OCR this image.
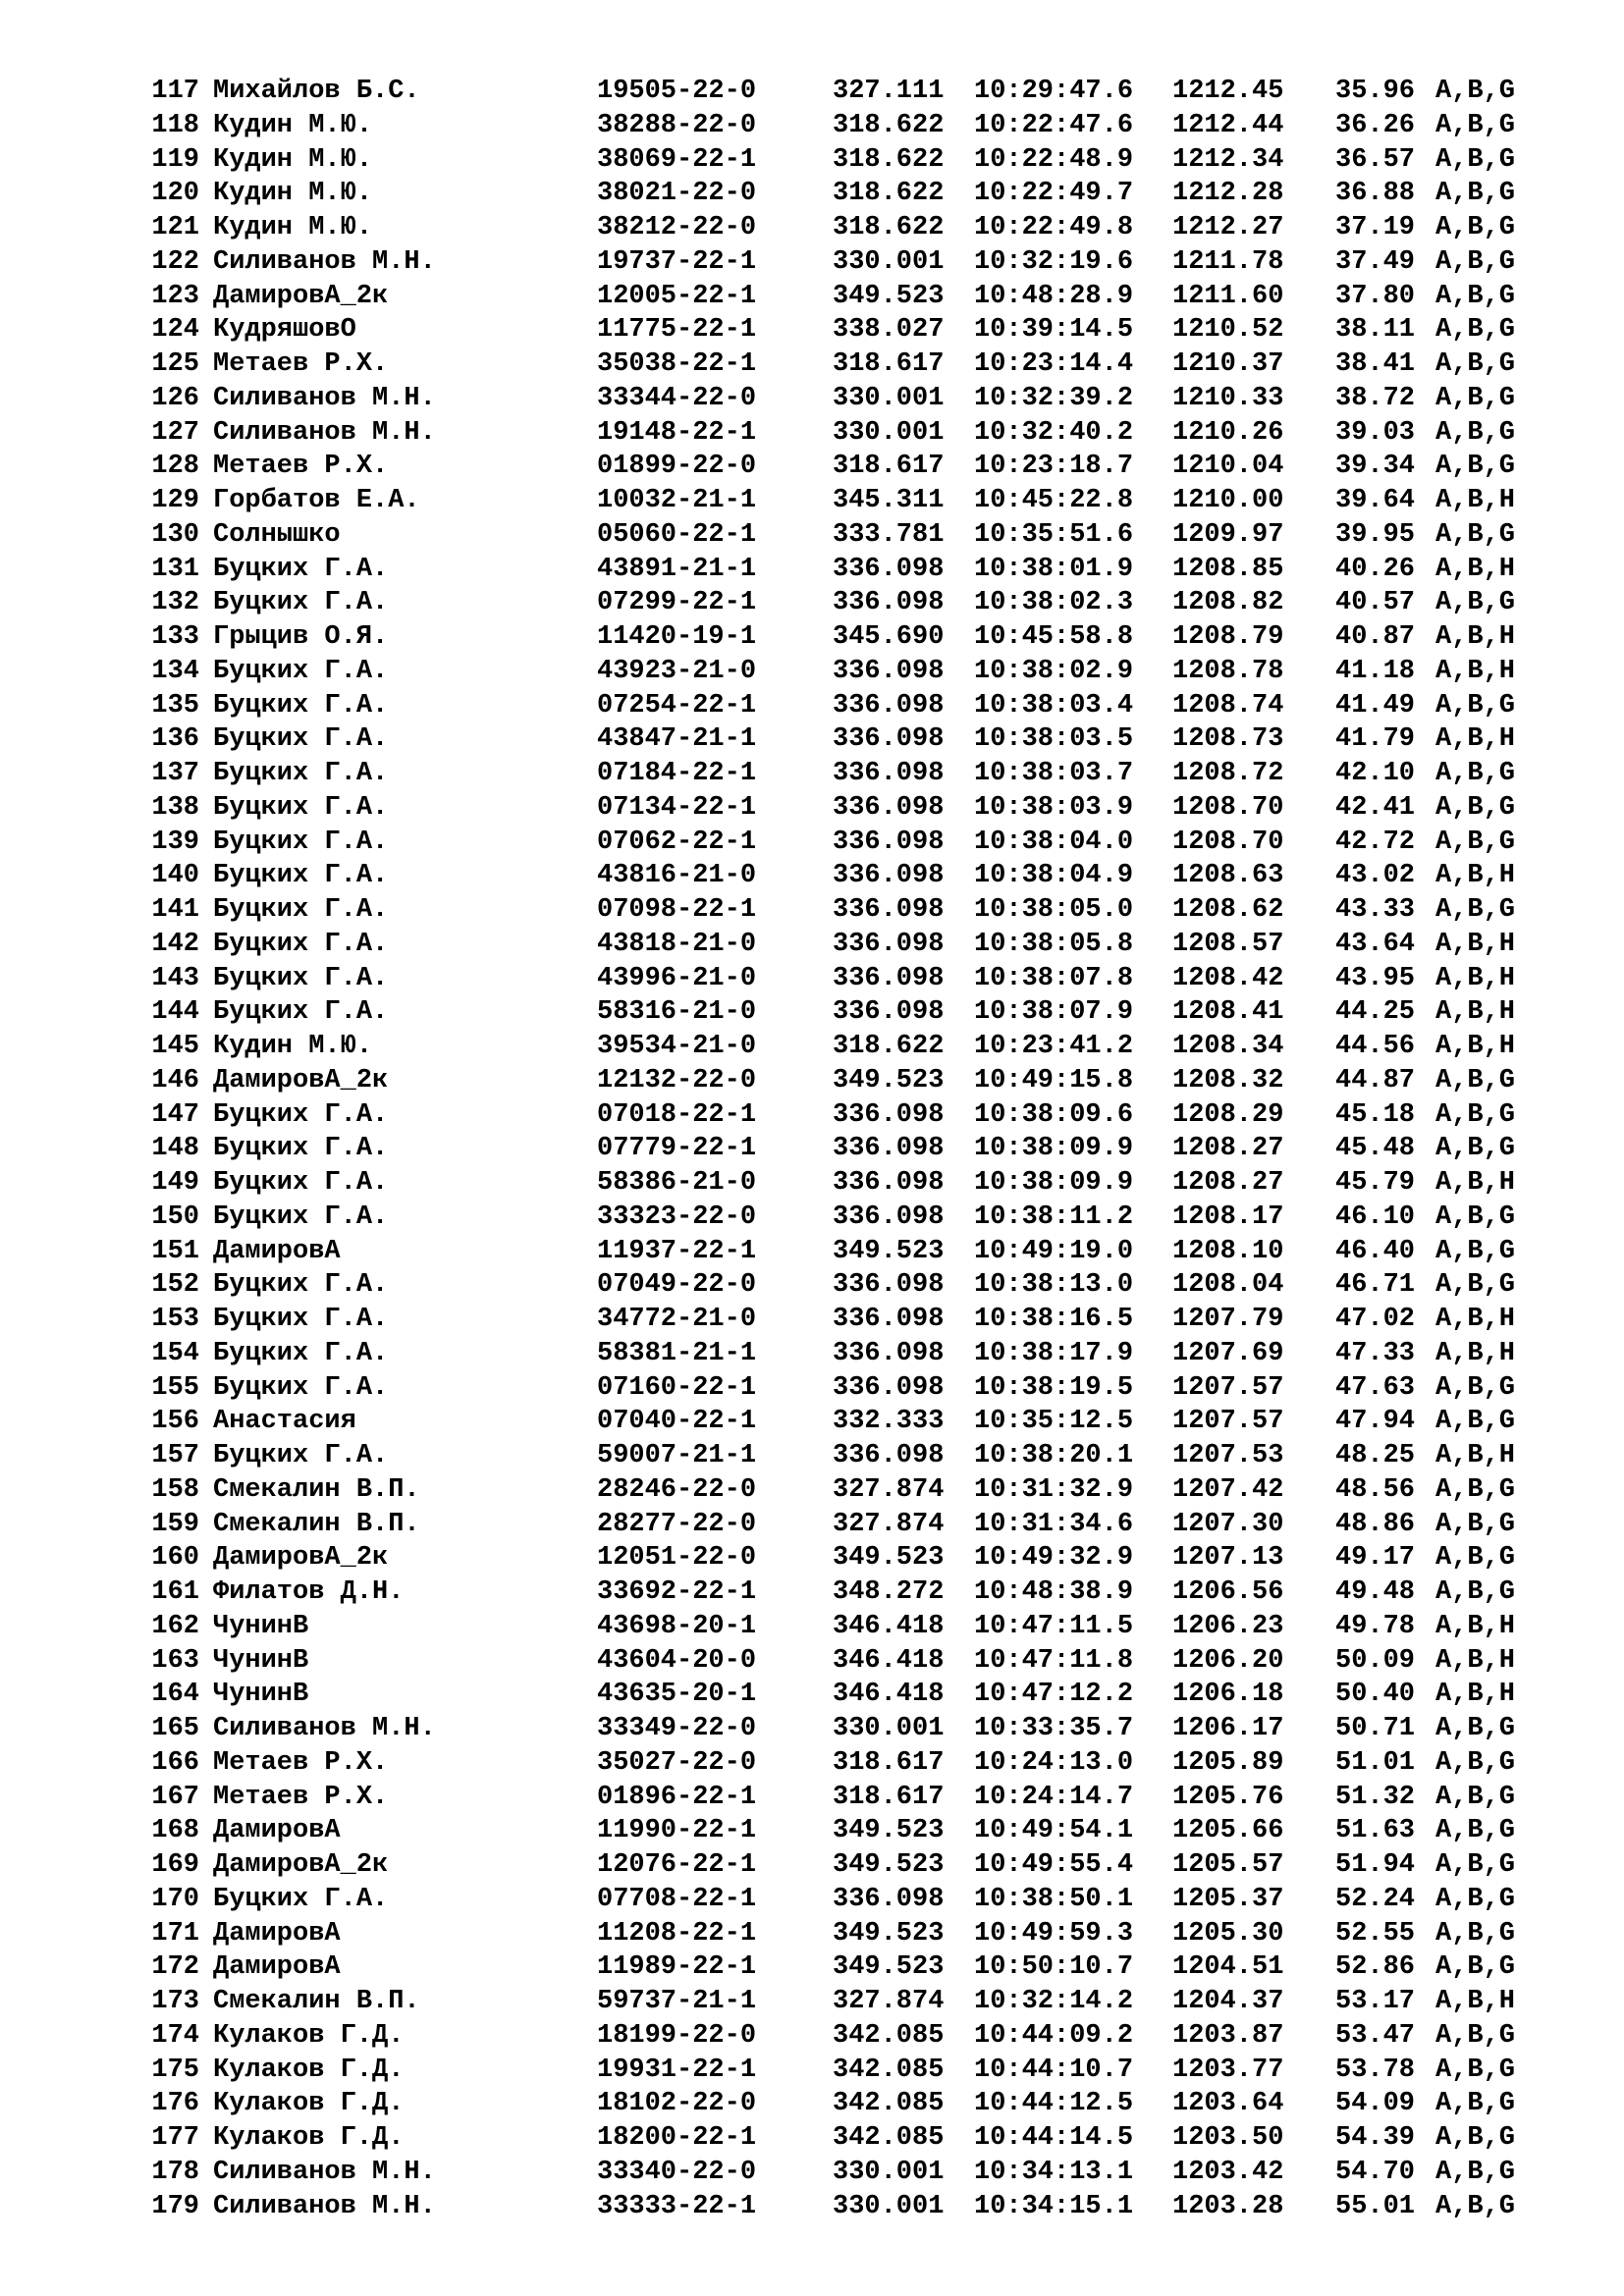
117 Михайлов Б.С.	19505-22-0	327.111 10:29:47.6 1212.45 35.96 A,B,G
118 Кудин М.Ю.	38288-22-0	318.622 10:22:47.6 1212.44 36.26 A,B,G
119 Кудин М.Ю.	38069-22-1	318.622 10:22:48.9 1212.34 36.57 A,B,G
120 Кудин М.Ю.	38021-22-0	318.622 10:22:49.7 1212.28 36.88 A,B,G
121 Кудин М.Ю.	38212-22-0	318.622 10:22:49.8 1212.27 37.19 A,B,G
122 Силиванов М.Н.	19737-22-1	330.001 10:32:19.6 1211.78 37.49 A,B,G
123 ДамировА_2к	12005-22-1	349.523 10:48:28.9 1211.60 37.80 A,B,G
124 КудряшовО	11775-22-1	338.027 10:39:14.5 1210.52 38.11 A,B,G
125 Метаев Р.Х.	35038-22-1	318.617 10:23:14.4 1210.37 38.41 A,B,G
126 Силиванов М.Н.	33344-22-0	330.001 10:32:39.2 1210.33 38.72 A,B,G
127 Силиванов М.Н.	19148-22-1	330.001 10:32:40.2 1210.26 39.03 A,B,G
128 Метаев Р.Х.	01899-22-0	318.617 10:23:18.7 1210.04 39.34 A,B,G
129 Горбатов Е.А.	10032-21-1	345.311 10:45:22.8 1210.00 39.64 A,B,H
130 Солнышко	05060-22-1	333.781 10:35:51.6 1209.97 39.95 A,B,G
131 Буцких Г.А.	43891-21-1	336.098 10:38:01.9 1208.85 40.26 A,B,H
132 Буцких Г.А.	07299-22-1	336.098 10:38:02.3 1208.82 40.57 A,B,G
133 Грыцив О.Я.	11420-19-1	345.690 10:45:58.8 1208.79 40.87 A,B,H
134 Буцких Г.А.	43923-21-0	336.098 10:38:02.9 1208.78 41.18 A,B,H
135 Буцких Г.А.	07254-22-1	336.098 10:38:03.4 1208.74 41.49 A,B,G
136 Буцких Г.А.	43847-21-1	336.098 10:38:03.5 1208.73 41.79 A,B,H
137 Буцких Г.А.	07184-22-1	336.098 10:38:03.7 1208.72 42.10 A,B,G
138 Буцких Г.А.	07134-22-1	336.098 10:38:03.9 1208.70 42.41 A,B,G
139 Буцких Г.А.	07062-22-1	336.098 10:38:04.0 1208.70 42.72 A,B,G
140 Буцких Г.А.	43816-21-0	336.098 10:38:04.9 1208.63 43.02 A,B,H
141 Буцких Г.А.	07098-22-1	336.098 10:38:05.0 1208.62 43.33 A,B,G
142 Буцких Г.А.	43818-21-0	336.098 10:38:05.8 1208.57 43.64 A,B,H
143 Буцких Г.А.	43996-21-0	336.098 10:38:07.8 1208.42 43.95 A,B,H
144 Буцких Г.А.	58316-21-0	336.098 10:38:07.9 1208.41 44.25 A,B,H
145 Кудин М.Ю.	39534-21-0	318.622 10:23:41.2 1208.34 44.56 A,B,H
146 ДамировА_2к	12132-22-0	349.523 10:49:15.8 1208.32 44.87 A,B,G
147 Буцких Г.А.	07018-22-1	336.098 10:38:09.6 1208.29 45.18 A,B,G
148 Буцких Г.А.	07779-22-1	336.098 10:38:09.9 1208.27 45.48 A,B,G
149 Буцких Г.А.	58386-21-0	336.098 10:38:09.9 1208.27 45.79 A,B,H
150 Буцких Г.А.	33323-22-0	336.098 10:38:11.2 1208.17 46.10 A,B,G
151 ДамировА	11937-22-1	349.523 10:49:19.0 1208.10 46.40 A,B,G
152 Буцких Г.А.	07049-22-0	336.098 10:38:13.0 1208.04 46.71 A,B,G
153 Буцких Г.А.	34772-21-0	336.098 10:38:16.5 1207.79 47.02 A,B,H
154 Буцких Г.А.	58381-21-1	336.098 10:38:17.9 1207.69 47.33 A,B,H
155 Буцких Г.А.	07160-22-1	336.098 10:38:19.5 1207.57 47.63 A,B,G
156 Анастасия	07040-22-1	332.333 10:35:12.5 1207.57 47.94 A,B,G
157 Буцких Г.А.	59007-21-1	336.098 10:38:20.1 1207.53 48.25 A,B,H
158 Смекалин В.П.	28246-22-0	327.874 10:31:32.9 1207.42 48.56 A,B,G
159 Смекалин В.П.	28277-22-0	327.874 10:31:34.6 1207.30 48.86 A,B,G
160 ДамировА_2к	12051-22-0	349.523 10:49:32.9 1207.13 49.17 A,B,G
161 Филатов Д.Н.	33692-22-1	348.272 10:48:38.9 1206.56 49.48 A,B,G
162 ЧунинВ	43698-20-1	346.418 10:47:11.5 1206.23 49.78 A,B,H
163 ЧунинВ	43604-20-0	346.418 10:47:11.8 1206.20 50.09 A,B,H
164 ЧунинВ	43635-20-1	346.418 10:47:12.2 1206.18 50.40 A,B,H
165 Силиванов М.Н.	33349-22-0	330.001 10:33:35.7 1206.17 50.71 A,B,G
166 Метаев Р.Х.	35027-22-0	318.617 10:24:13.0 1205.89 51.01 A,B,G
167 Метаев Р.Х.	01896-22-1	318.617 10:24:14.7 1205.76 51.32 A,B,G
168 ДамировА	11990-22-1	349.523 10:49:54.1 1205.66 51.63 A,B,G
169 ДамировА_2к	12076-22-1	349.523 10:49:55.4 1205.57 51.94 A,B,G
170 Буцких Г.А.	07708-22-1	336.098 10:38:50.1 1205.37 52.24 A,B,G
171 ДамировА	11208-22-1	349.523 10:49:59.3 1205.30 52.55 A,B,G
172 ДамировА	11989-22-1	349.523 10:50:10.7 1204.51 52.86 A,B,G
173 Смекалин В.П.	59737-21-1	327.874 10:32:14.2 1204.37 53.17 A,B,H
174 Кулаков Г.Д.	18199-22-0	342.085 10:44:09.2 1203.87 53.47 A,B,G
175 Кулаков Г.Д.	19931-22-1	342.085 10:44:10.7 1203.77 53.78 A,B,G
176 Кулаков Г.Д.	18102-22-0	342.085 10:44:12.5 1203.64 54.09 A,B,G
177 Кулаков Г.Д.	18200-22-1	342.085 10:44:14.5 1203.50 54.39 A,B,G
178 Силиванов М.Н.	33340-22-0	330.001 10:34:13.1 1203.42 54.70 A,B,G
179 Силиванов М.Н.	33333-22-1	330.001 10:34:15.1 1203.28 55.01 A,B,G
